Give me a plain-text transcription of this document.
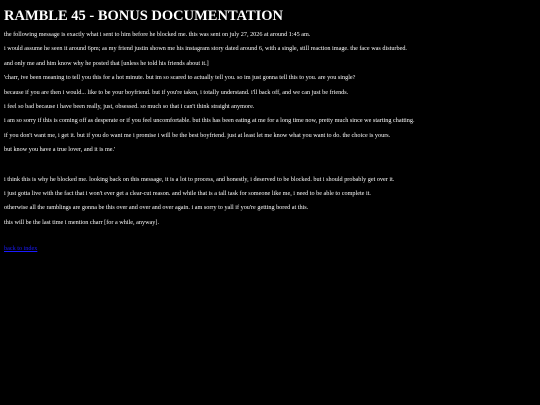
RAMBLE 45 - BONUS DOCUMENTATION
the following message is exactly what i sent to him before he blocked me. this was sent on july 27, 2026 at around 1:45 am.
i would assume he seen it around 6pm; as my friend justin shown me his instagram story dated around 6, with a single, still reaction image. the face was disturbed.
and only me and him know why he posted that [unless he told his friends about it.]
'charr, ive been meaning to tell you this for a hot minute. but im so scared to actually tell you. so im just gonna tell this to you. are you single?
because if you are then i would... like to be your boyfriend. but if you're taken, i totally understand. i'll back off, and we can just be friends.
i feel so bad because i have been really, just, obsessed. so much so that i can't think straight anymore.
i am so sorry if this is coming off as desperate or if you feel uncomfortable. but this has been eating at me for a long time now, pretty much since we starting chatting.
if you don't want me, i get it. but if you do want me i promise i will be the best boyfriend. just at least let me know what you want to do. the choice is yours.
but know you have a true lover, and it is me.'
i think this is why he blocked me. looking back on this message, it is a lot to process, and honestly, i deserved to be blocked. but i should probably get over it.
i just gotta live with the fact that i won't ever get a clear-cut reason. and while that is a tall task for someone like me, i need to be able to complete it.
otherwise all the ramblings are gonna be this over and over and over again. i am sorry to yall if you're getting bored at this.
this will be the last time i mention charr [for a while, anyway].
back to index
